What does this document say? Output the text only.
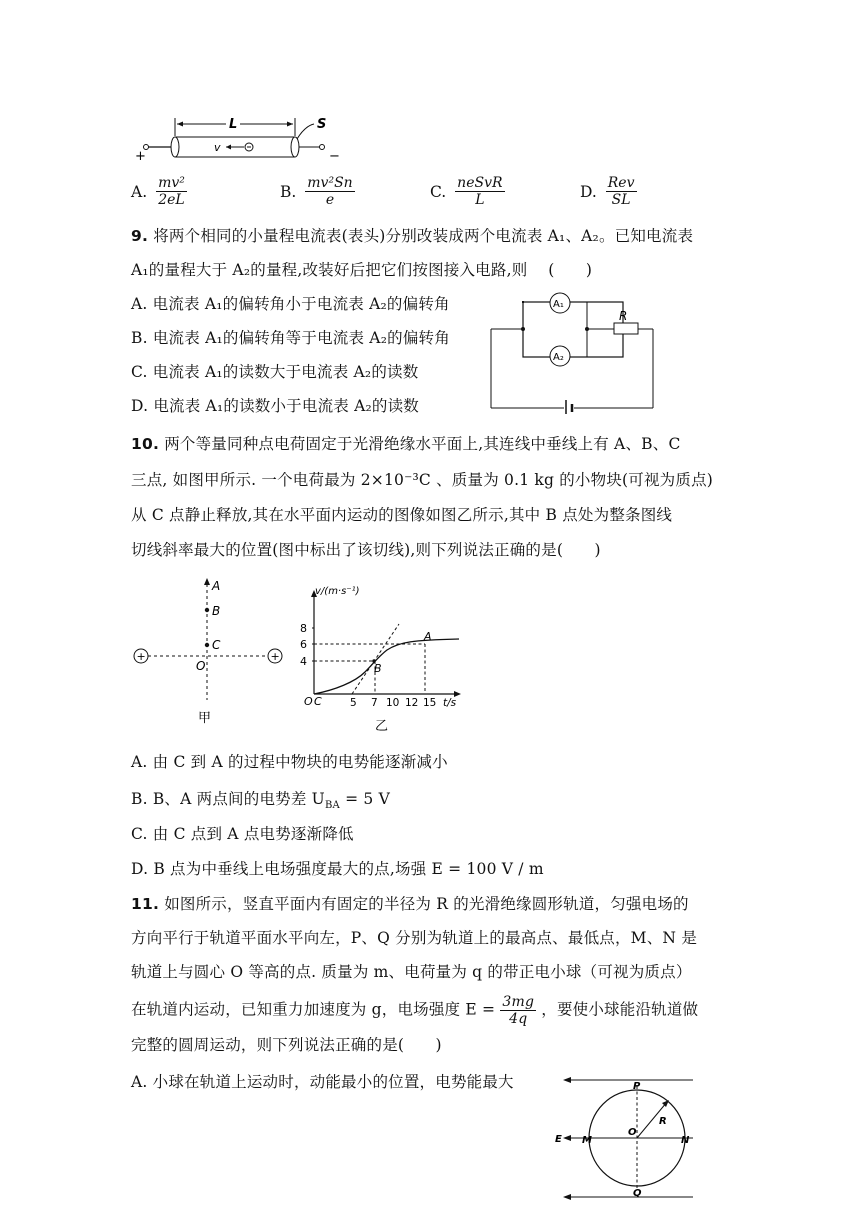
L	S
v
+	−
A. $\frac{\text{mv²}}{2eL}$	B. $\frac{\text{mv²Sn}}{e}$	C. $\frac{\text{neSvR}}{L}$	D. $\frac{\text{Rev}}{SL}$
9. 将两个相同的小量程电流表(表头)分别改装成两个电流表 A₁、A₂。已知电流表
A₁的量程大于 A₂的量程,改装好后把它们按图接入电路,则　 (　　)
A. 电流表 A₁的偏转角小于电流表 A₂的偏转角
B. 电流表 A₁的偏转角等于电流表 A₂的偏转角
C. 电流表 A₁的读数大于电流表 A₂的读数
D. 电流表 A₁的读数小于电流表 A₂的读数
A₁
A₂
R
10. 两个等量同种点电荷固定于光滑绝缘水平面上,其连线中垂线上有 A、B、C
三点, 如图甲所示. 一个电荷最为 2×10⁻³C 、质量为 0.1 kg 的小物块(可视为质点)
从 C 点静止释放,其在水平面内运动的图像如图乙所示,其中 B 点处为整条图线
切线斜率最大的位置(图中标出了该切线),则下列说法正确的是(　　)
+	+
A
B
C
O
甲
v/(m·s⁻¹)
t/s
8
6
4
O C
A
B
5 7 10 12 15
乙
A. 由 C 到 A 的过程中物块的电势能逐渐减小
B. B、A 两点间的电势差 $U_{BA} = 5$ V
C. 由 C 点到 A 点电势逐渐降低
D. B 点为中垂线上电场强度最大的点,场强 E = 100 V / m
11. 如图所示，竖直平面内有固定的半径为 R 的光滑绝缘圆形轨道，匀强电场的
方向平行于轨道平面水平向左，P、Q 分别为轨道上的最高点、最低点，M、N 是
轨道上与圆心 O 等高的点. 质量为 m、电荷量为 q 的带正电小球（可视为质点）
在轨道内运动，已知重力加速度为 g，电场强度 $E = \frac{3mg}{4q}$ ，要使小球能沿轨道做
完整的圆周运动，则下列说法正确的是(　　)
A. 小球在轨道上运动时，动能最小的位置，电势能最大	P
Q
M	N
O
R
E
